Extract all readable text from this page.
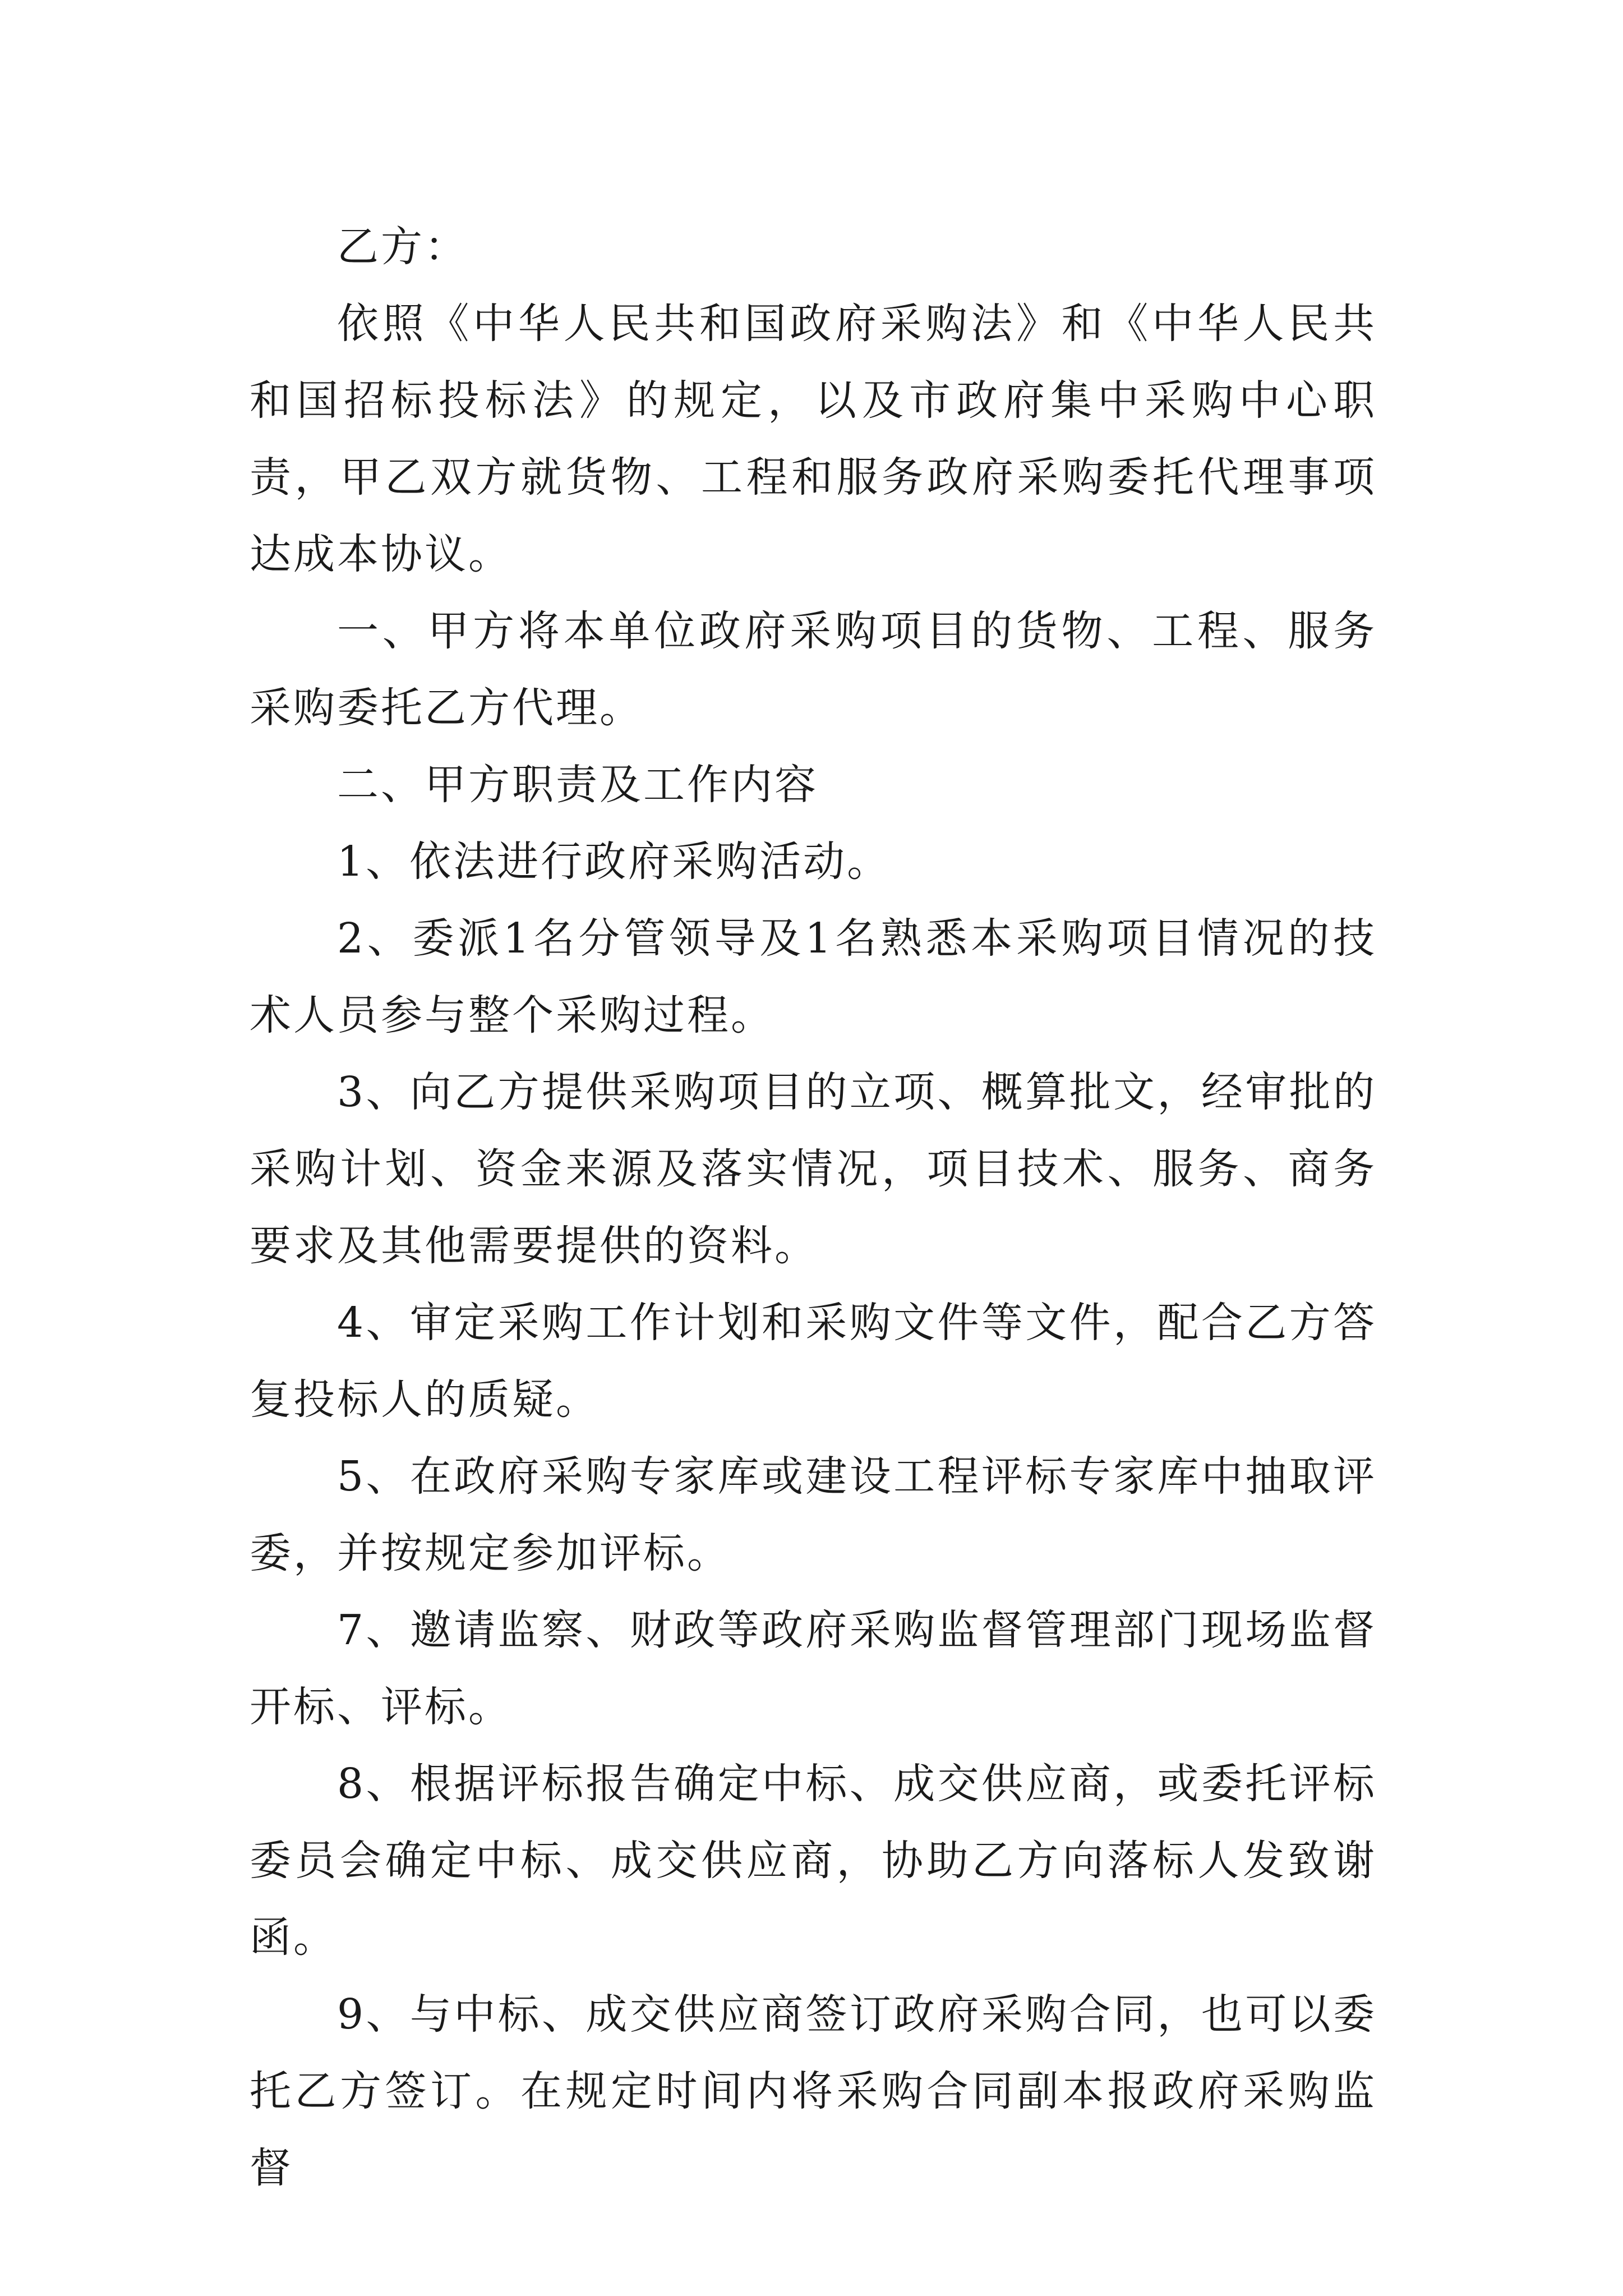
乙方：

依照《中华人民共和国政府采购法》和《中华人民共和国招标投标法》的规定，以及市政府集中采购中心职责，甲乙双方就货物、工程和服务政府采购委托代理事项达成本协议。

一、甲方将本单位政府采购项目的货物、工程、服务采购委托乙方代理。

二、甲方职责及工作内容

1、依法进行政府采购活动。

2、委派1名分管领导及1名熟悉本采购项目情况的技术人员参与整个采购过程。

3、向乙方提供采购项目的立项、概算批文，经审批的采购计划、资金来源及落实情况，项目技术、服务、商务要求及其他需要提供的资料。

4、审定采购工作计划和采购文件等文件，配合乙方答复投标人的质疑。

5、在政府采购专家库或建设工程评标专家库中抽取评委，并按规定参加评标。

7、邀请监察、财政等政府采购监督管理部门现场监督开标、评标。

8、根据评标报告确定中标、成交供应商，或委托评标委员会确定中标、成交供应商，协助乙方向落标人发致谢函。

9、与中标、成交供应商签订政府采购合同，也可以委托乙方签订。在规定时间内将采购合同副本报政府采购监督
